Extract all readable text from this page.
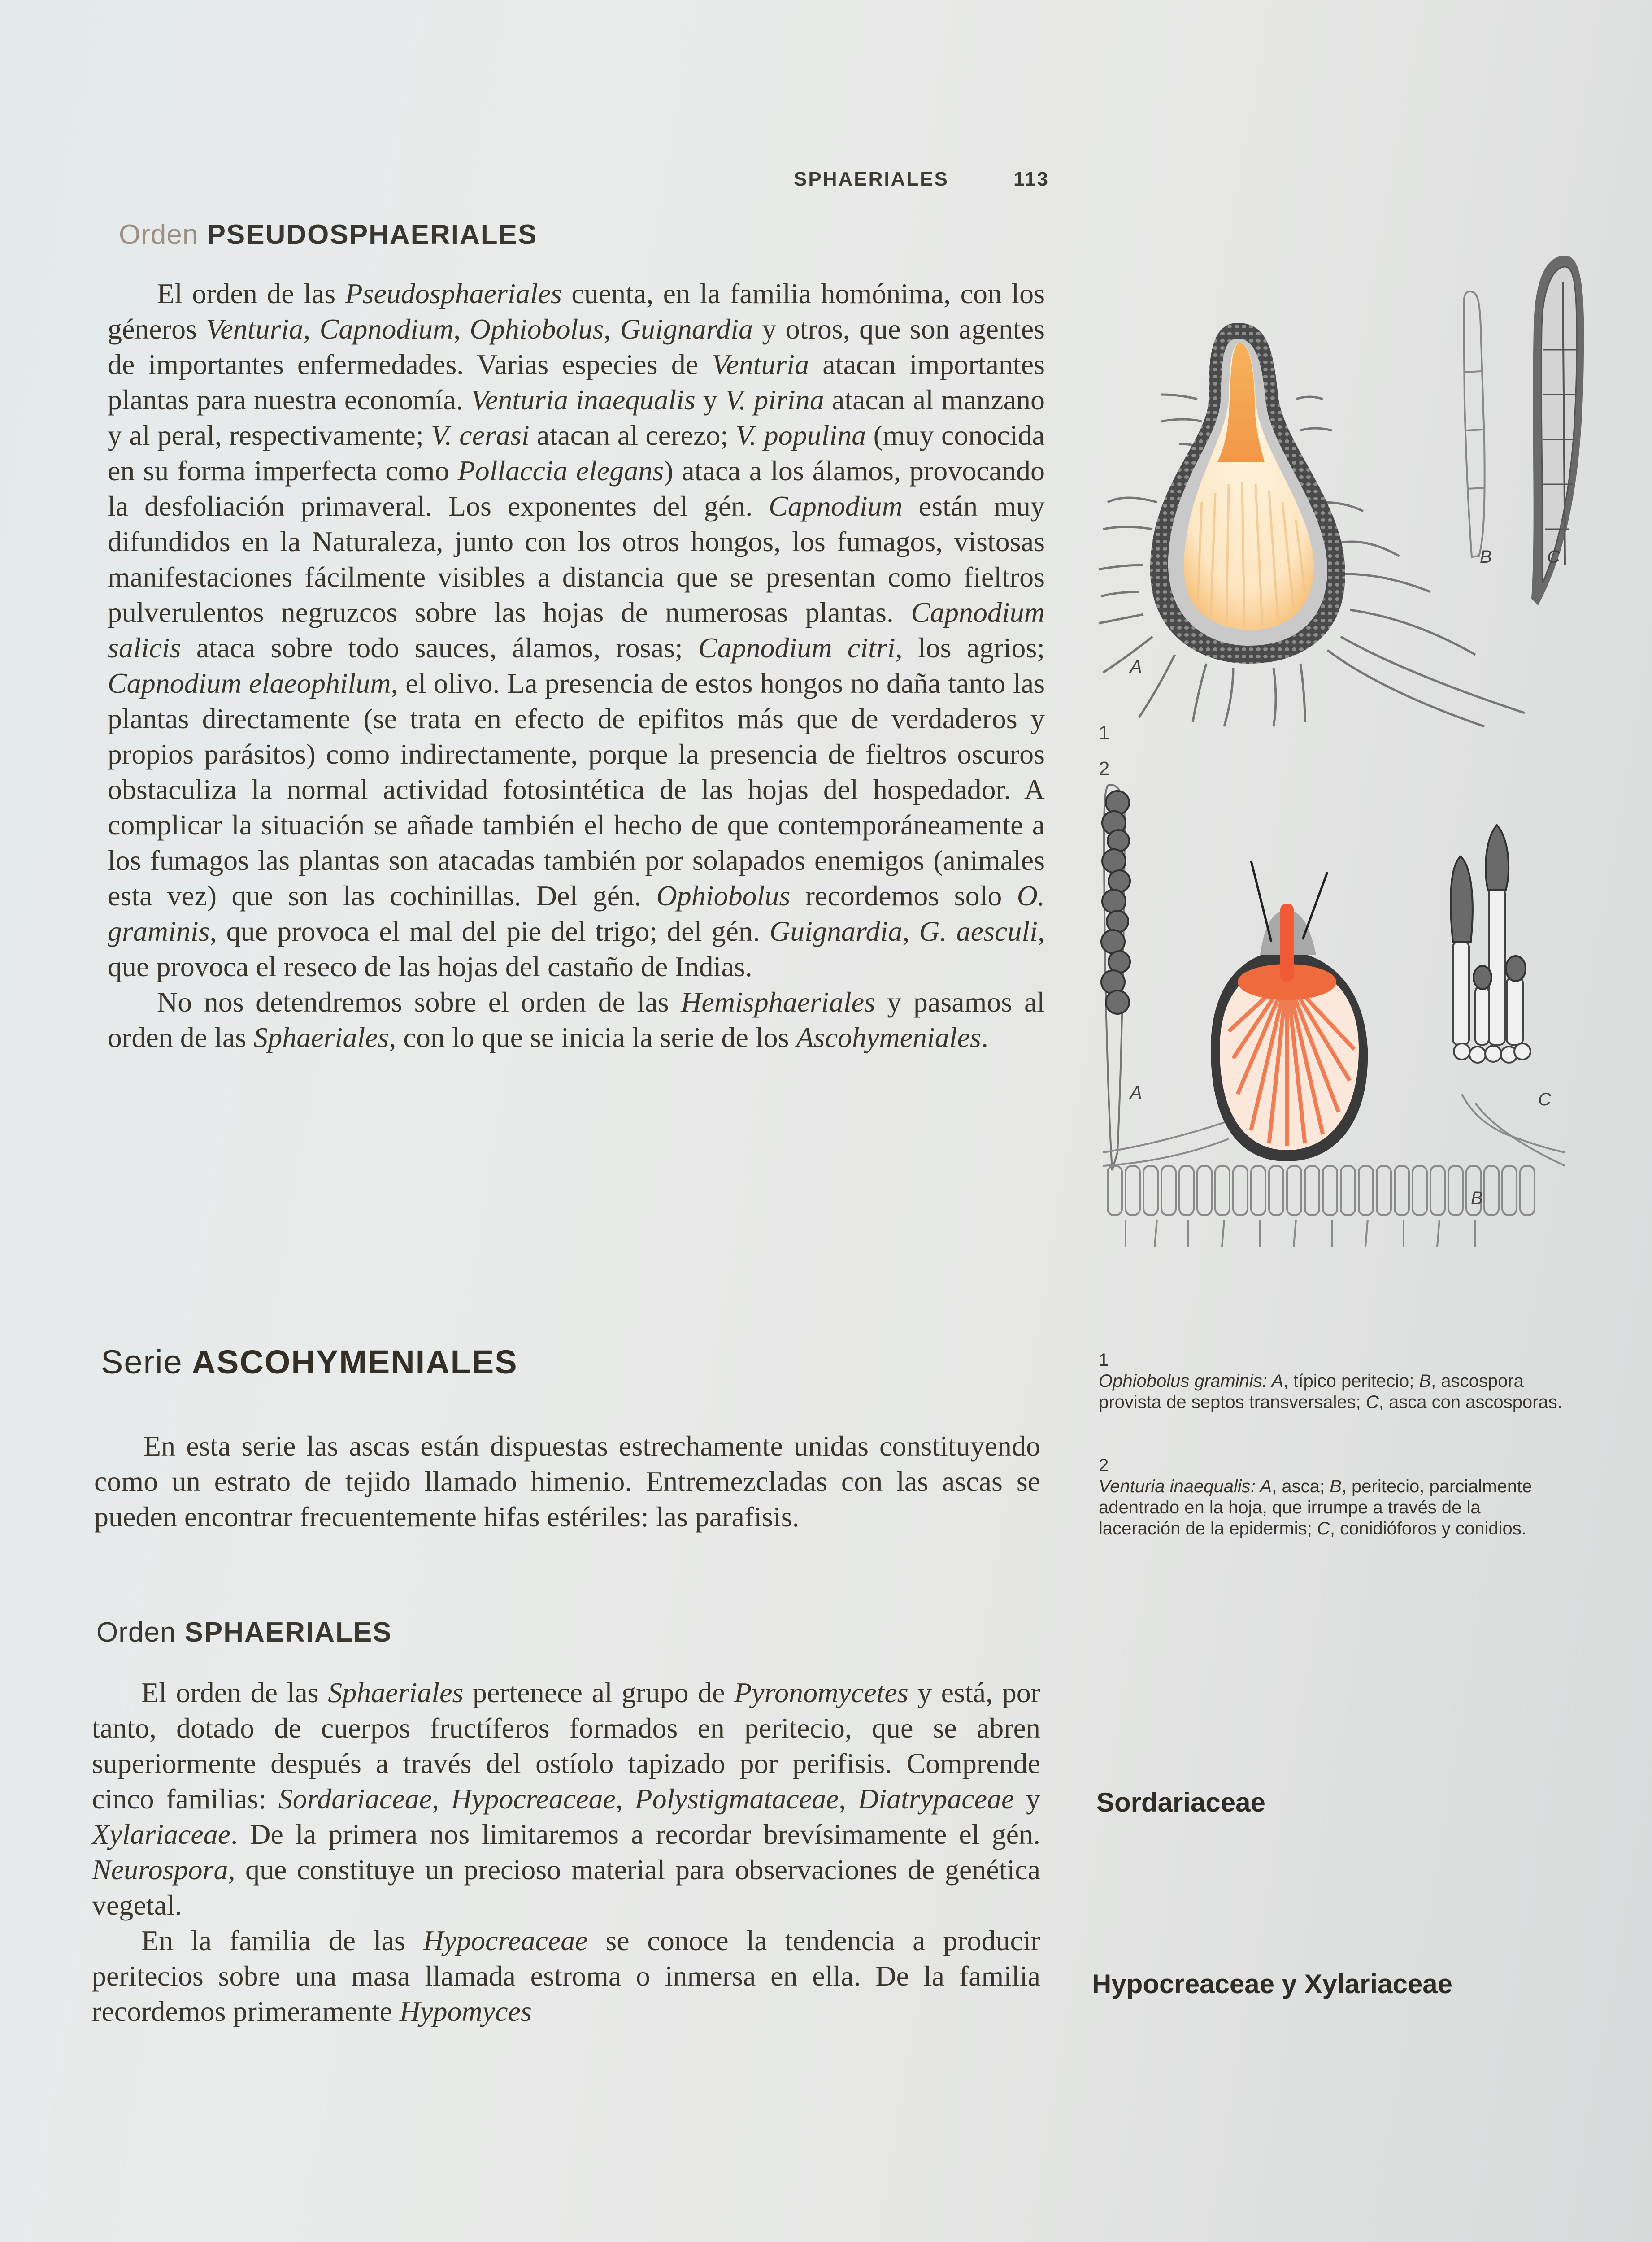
SPHAERIALES	113
Orden PSEUDOSPHAERIALES

El orden de las Pseudosphaeriales cuenta, en la familia homónima, con los géneros Venturia, Capnodium, Ophiobolus, Guignardia y otros, que son agentes de importantes enfermedades. Varias especies de Venturia atacan importantes plantas para nuestra economía. Venturia inaequalis y V. pirina atacan al manzano y al peral, respectivamente; V. cerasi atacan al cerezo; V. populina (muy conocida en su forma imperfecta como Pollaccia elegans) ataca a los álamos, provocando la desfoliación primaveral. Los exponentes del gén. Capnodium están muy difundidos en la Naturaleza, junto con los otros hongos, los fumagos, vistosas manifestaciones fácilmente visibles a distancia que se presentan como fieltros pulverulentos negruzcos sobre las hojas de numerosas plantas. Capnodium salicis ataca sobre todo sauces, álamos, rosas; Capnodium citri, los agrios; Capnodium elaeophilum, el olivo. La presencia de estos hongos no daña tanto las plantas directamente (se trata en efecto de epifitos más que de verdaderos y propios parásitos) como indirectamente, porque la presencia de fieltros oscuros obstaculiza la normal actividad fotosintética de las hojas del hospedador. A complicar la situación se añade también el hecho de que contemporáneamente a los fumagos las plantas son atacadas también por solapados enemigos (animales esta vez) que son las cochinillas. Del gén. Ophiobolus recordemos solo O. graminis, que provoca el mal del pie del trigo; del gén. Guignardia, G. aesculi, que provoca el reseco de las hojas del castaño de Indias.

No nos detendremos sobre el orden de las Hemisphaeriales y pasamos al orden de las Sphaeriales, con lo que se inicia la serie de los Ascohymeniales.

Serie ASCOHYMENIALES

En esta serie las ascas están dispuestas estrechamente unidas constituyendo como un estrato de tejido llamado himenio. Entremezcladas con las ascas se pueden encontrar frecuentemente hifas estériles: las parafisis.

Orden SPHAERIALES

El orden de las Sphaeriales pertenece al grupo de Pyronomycetes y está, por tanto, dotado de cuerpos fructíferos formados en peritecio, que se abren superiormente después a través del ostíolo tapizado por perifisis. Comprende cinco familias: Sordariaceae, Hypocreaceae, Polystigmataceae, Diatrypaceae y Xylariaceae. De la primera nos limitaremos a recordar brevísimamente el gén. Neurospora, que constituye un precioso material para observaciones de genética vegetal.

En la familia de las Hypocreaceae se conoce la tendencia a producir peritecios sobre una masa llamada estroma o inmersa en ella. De la familia recordemos primeramente Hypomyces

A
B	C
1
2
A
B
C
1
Ophiobolus graminis: A, típico peritecio; B, ascospora provista de septos transversales; C, asca con ascosporas.
2
Venturia inaequalis: A, asca; B, peritecio, parcialmente adentrado en la hoja, que irrumpe a través de la laceración de la epidermis; C, conidióforos y conidios.
Sordariaceae
Hypocreaceae y Xylariaceae
